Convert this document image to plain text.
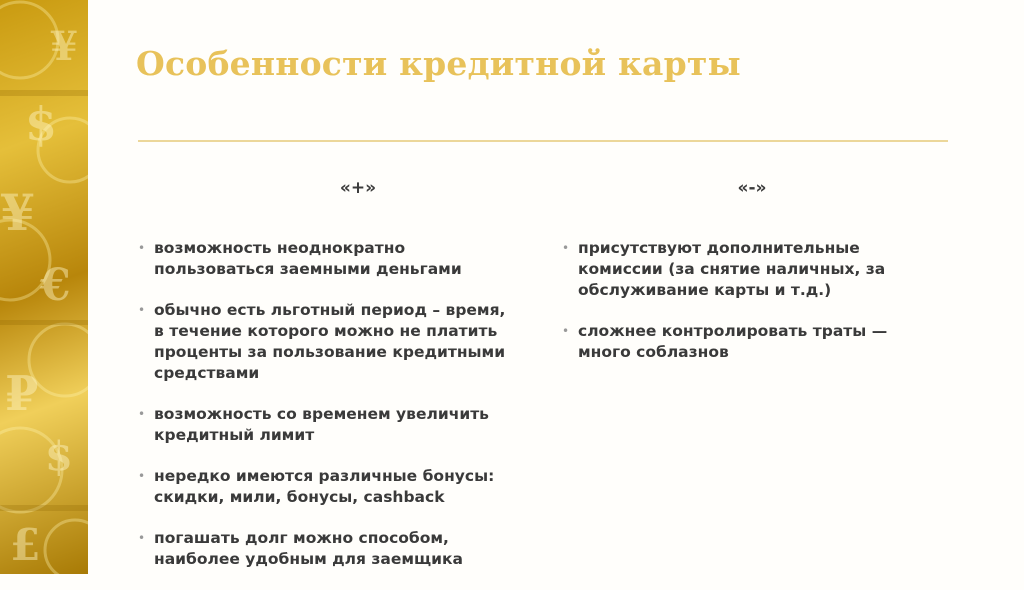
$
¥
€
₽
$
£
¥ Особенности кредитной карты
«+»
• возможность неоднократно пользоваться заемными деньгами
• обычно есть льготный период – время, в течение которого можно не платить проценты за пользование кредитными средствами
• возможность со временем увеличить кредитный лимит
• нередко имеются различные бонусы: скидки, мили, бонусы, cashback
• погашать долг можно способом, наиболее удобным для заемщика
«-»
• присутствуют дополнительные комиссии (за снятие наличных, за обслуживание карты и т.д.)
• сложнее контролировать траты — много соблазнов
